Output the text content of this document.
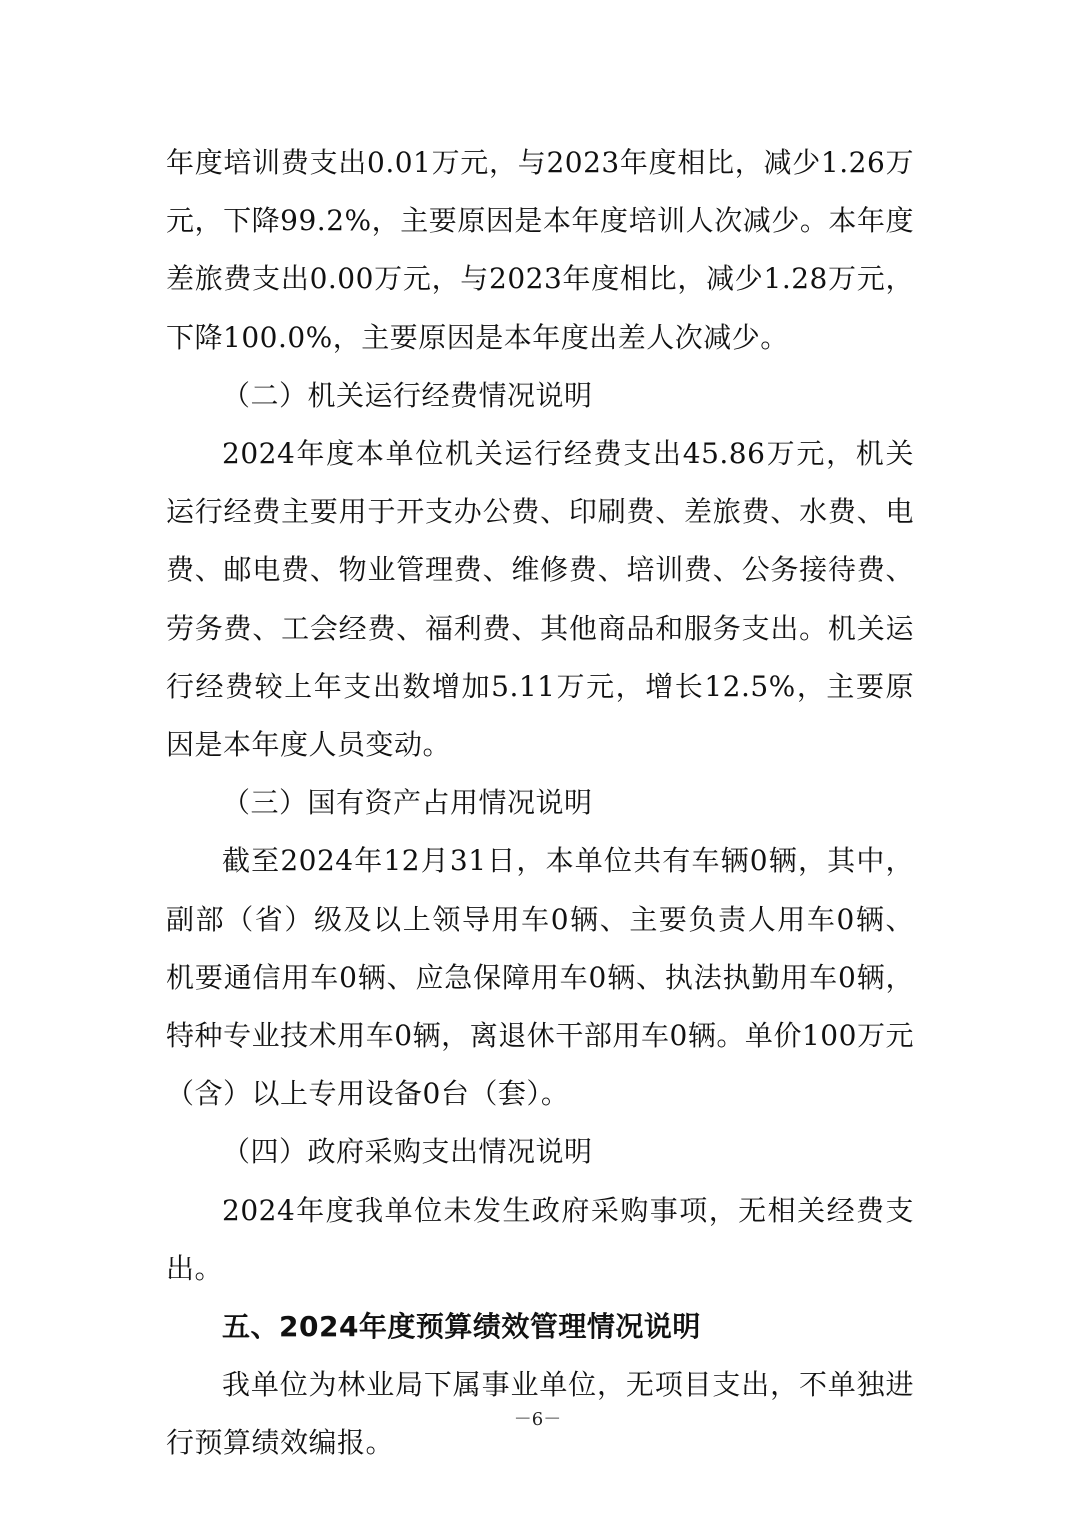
年度培训费支出0.01万元，与2023年度相比，减少1.26万元，下降99.2%，主要原因是本年度培训人次减少。本年度差旅费支出0.00万元，与2023年度相比，减少1.28万元，下降100.0%，主要原因是本年度出差人次减少。

（二）机关运行经费情况说明

2024年度本单位机关运行经费支出45.86万元，机关运行经费主要用于开支办公费、印刷费、差旅费、水费、电费、邮电费、物业管理费、维修费、培训费、公务接待费、劳务费、工会经费、福利费、其他商品和服务支出。机关运行经费较上年支出数增加5.11万元，增长12.5%，主要原因是本年度人员变动。

（三）国有资产占用情况说明

截至2024年12月31日，本单位共有车辆0辆，其中，副部（省）级及以上领导用车0辆、主要负责人用车0辆、机要通信用车0辆、应急保障用车0辆、执法执勤用车0辆，特种专业技术用车0辆，离退休干部用车0辆。单价100万元（含）以上专用设备0台（套）。

（四）政府采购支出情况说明

2024年度我单位未发生政府采购事项，无相关经费支出。

五、2024年度预算绩效管理情况说明

我单位为林业局下属事业单位，无项目支出，不单独进行预算绩效编报。

－6－
